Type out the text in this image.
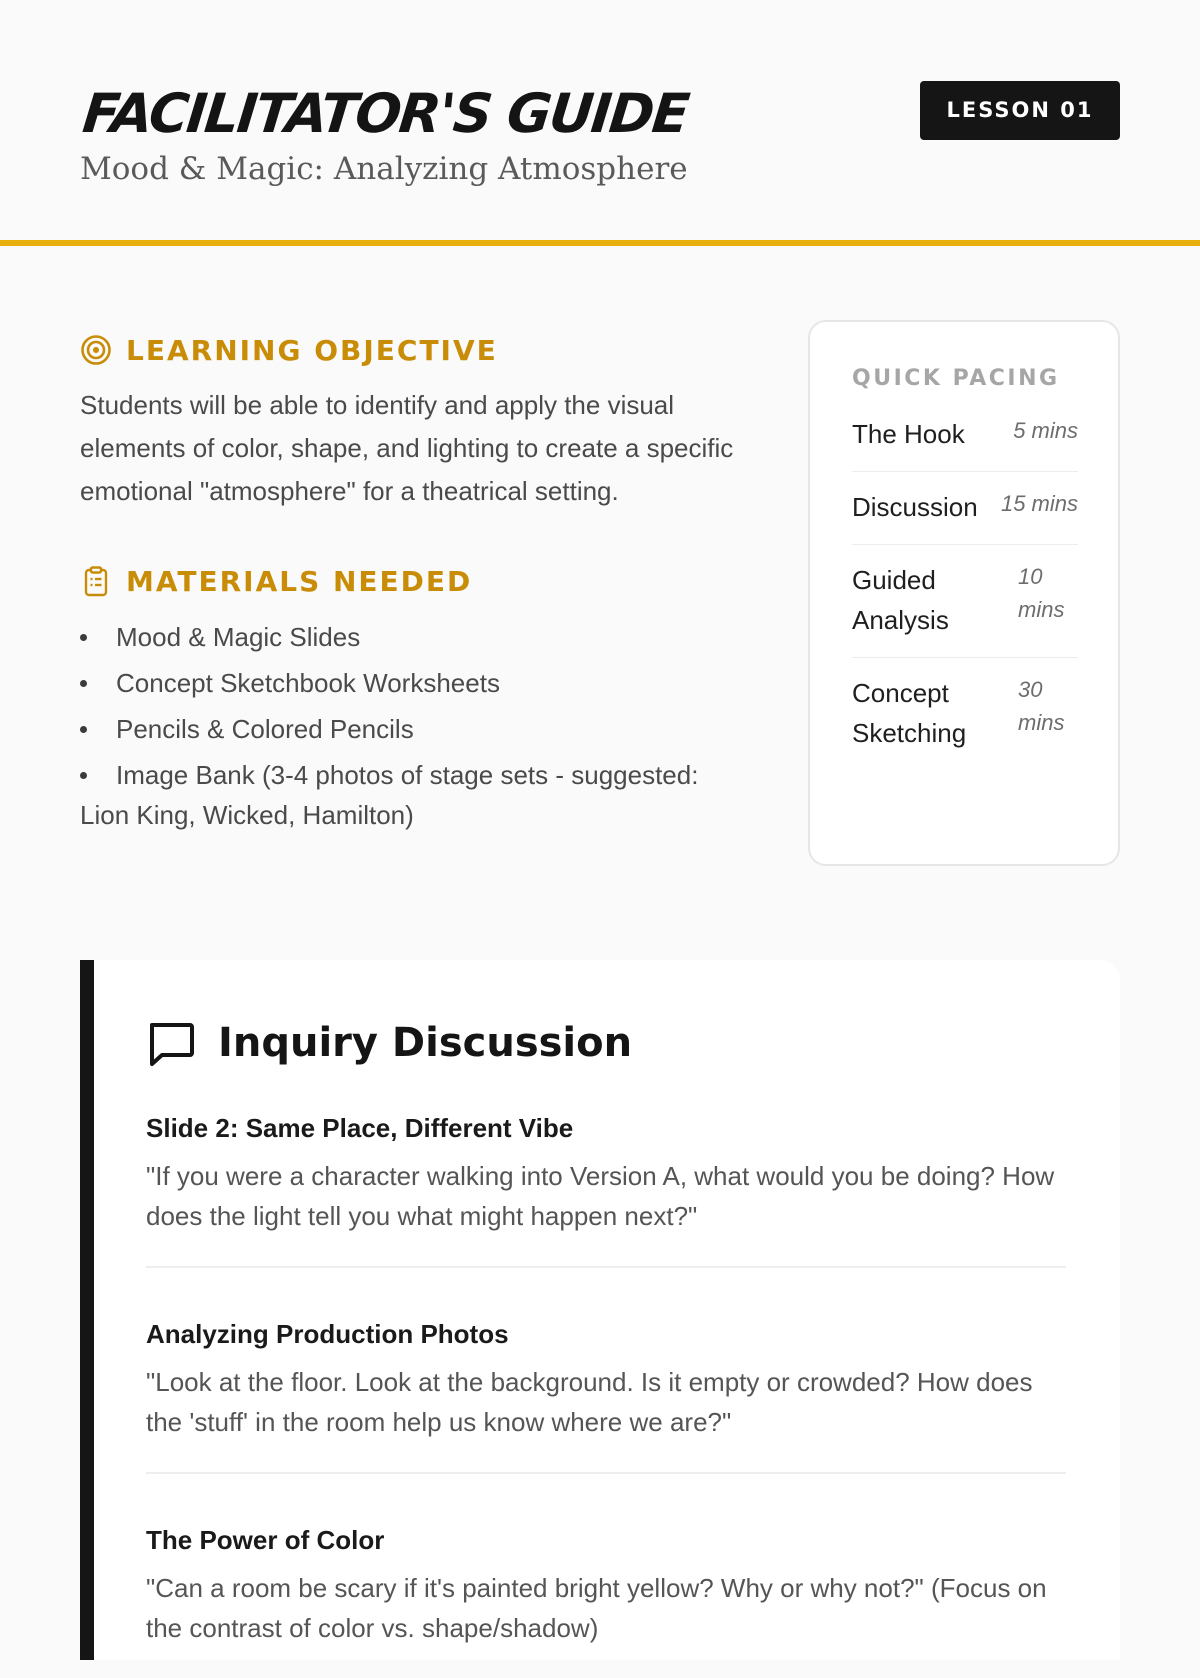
FACILITATOR'S GUIDE	LESSON 01

Mood & Magic: Analyzing Atmosphere

LEARNING OBJECTIVE

Students will be able to identify and apply the visual elements of color, shape, and lighting to create a specific emotional "atmosphere" for a theatrical setting.

MATERIALS NEEDED
Mood & Magic Slides
Concept Sketchbook Worksheets
Pencils & Colored Pencils
Image Bank (3-4 photos of stage sets - suggested: Lion King, Wicked, Hamilton)
QUICK PACING
The Hook 5 mins
Discussion 15 mins
Guided Analysis
10 mins
Concept Sketching
30 mins
Inquiry Discussion
Slide 2: Same Place, Different Vibe

"If you were a character walking into Version A, what would you be doing? How does the light tell you what might happen next?"

Analyzing Production Photos

"Look at the floor. Look at the background. Is it empty or crowded? How does the 'stuff' in the room help us know where we are?"

The Power of Color

"Can a room be scary if it's painted bright yellow? Why or why not?" (Focus on the contrast of color vs. shape/shadow)
